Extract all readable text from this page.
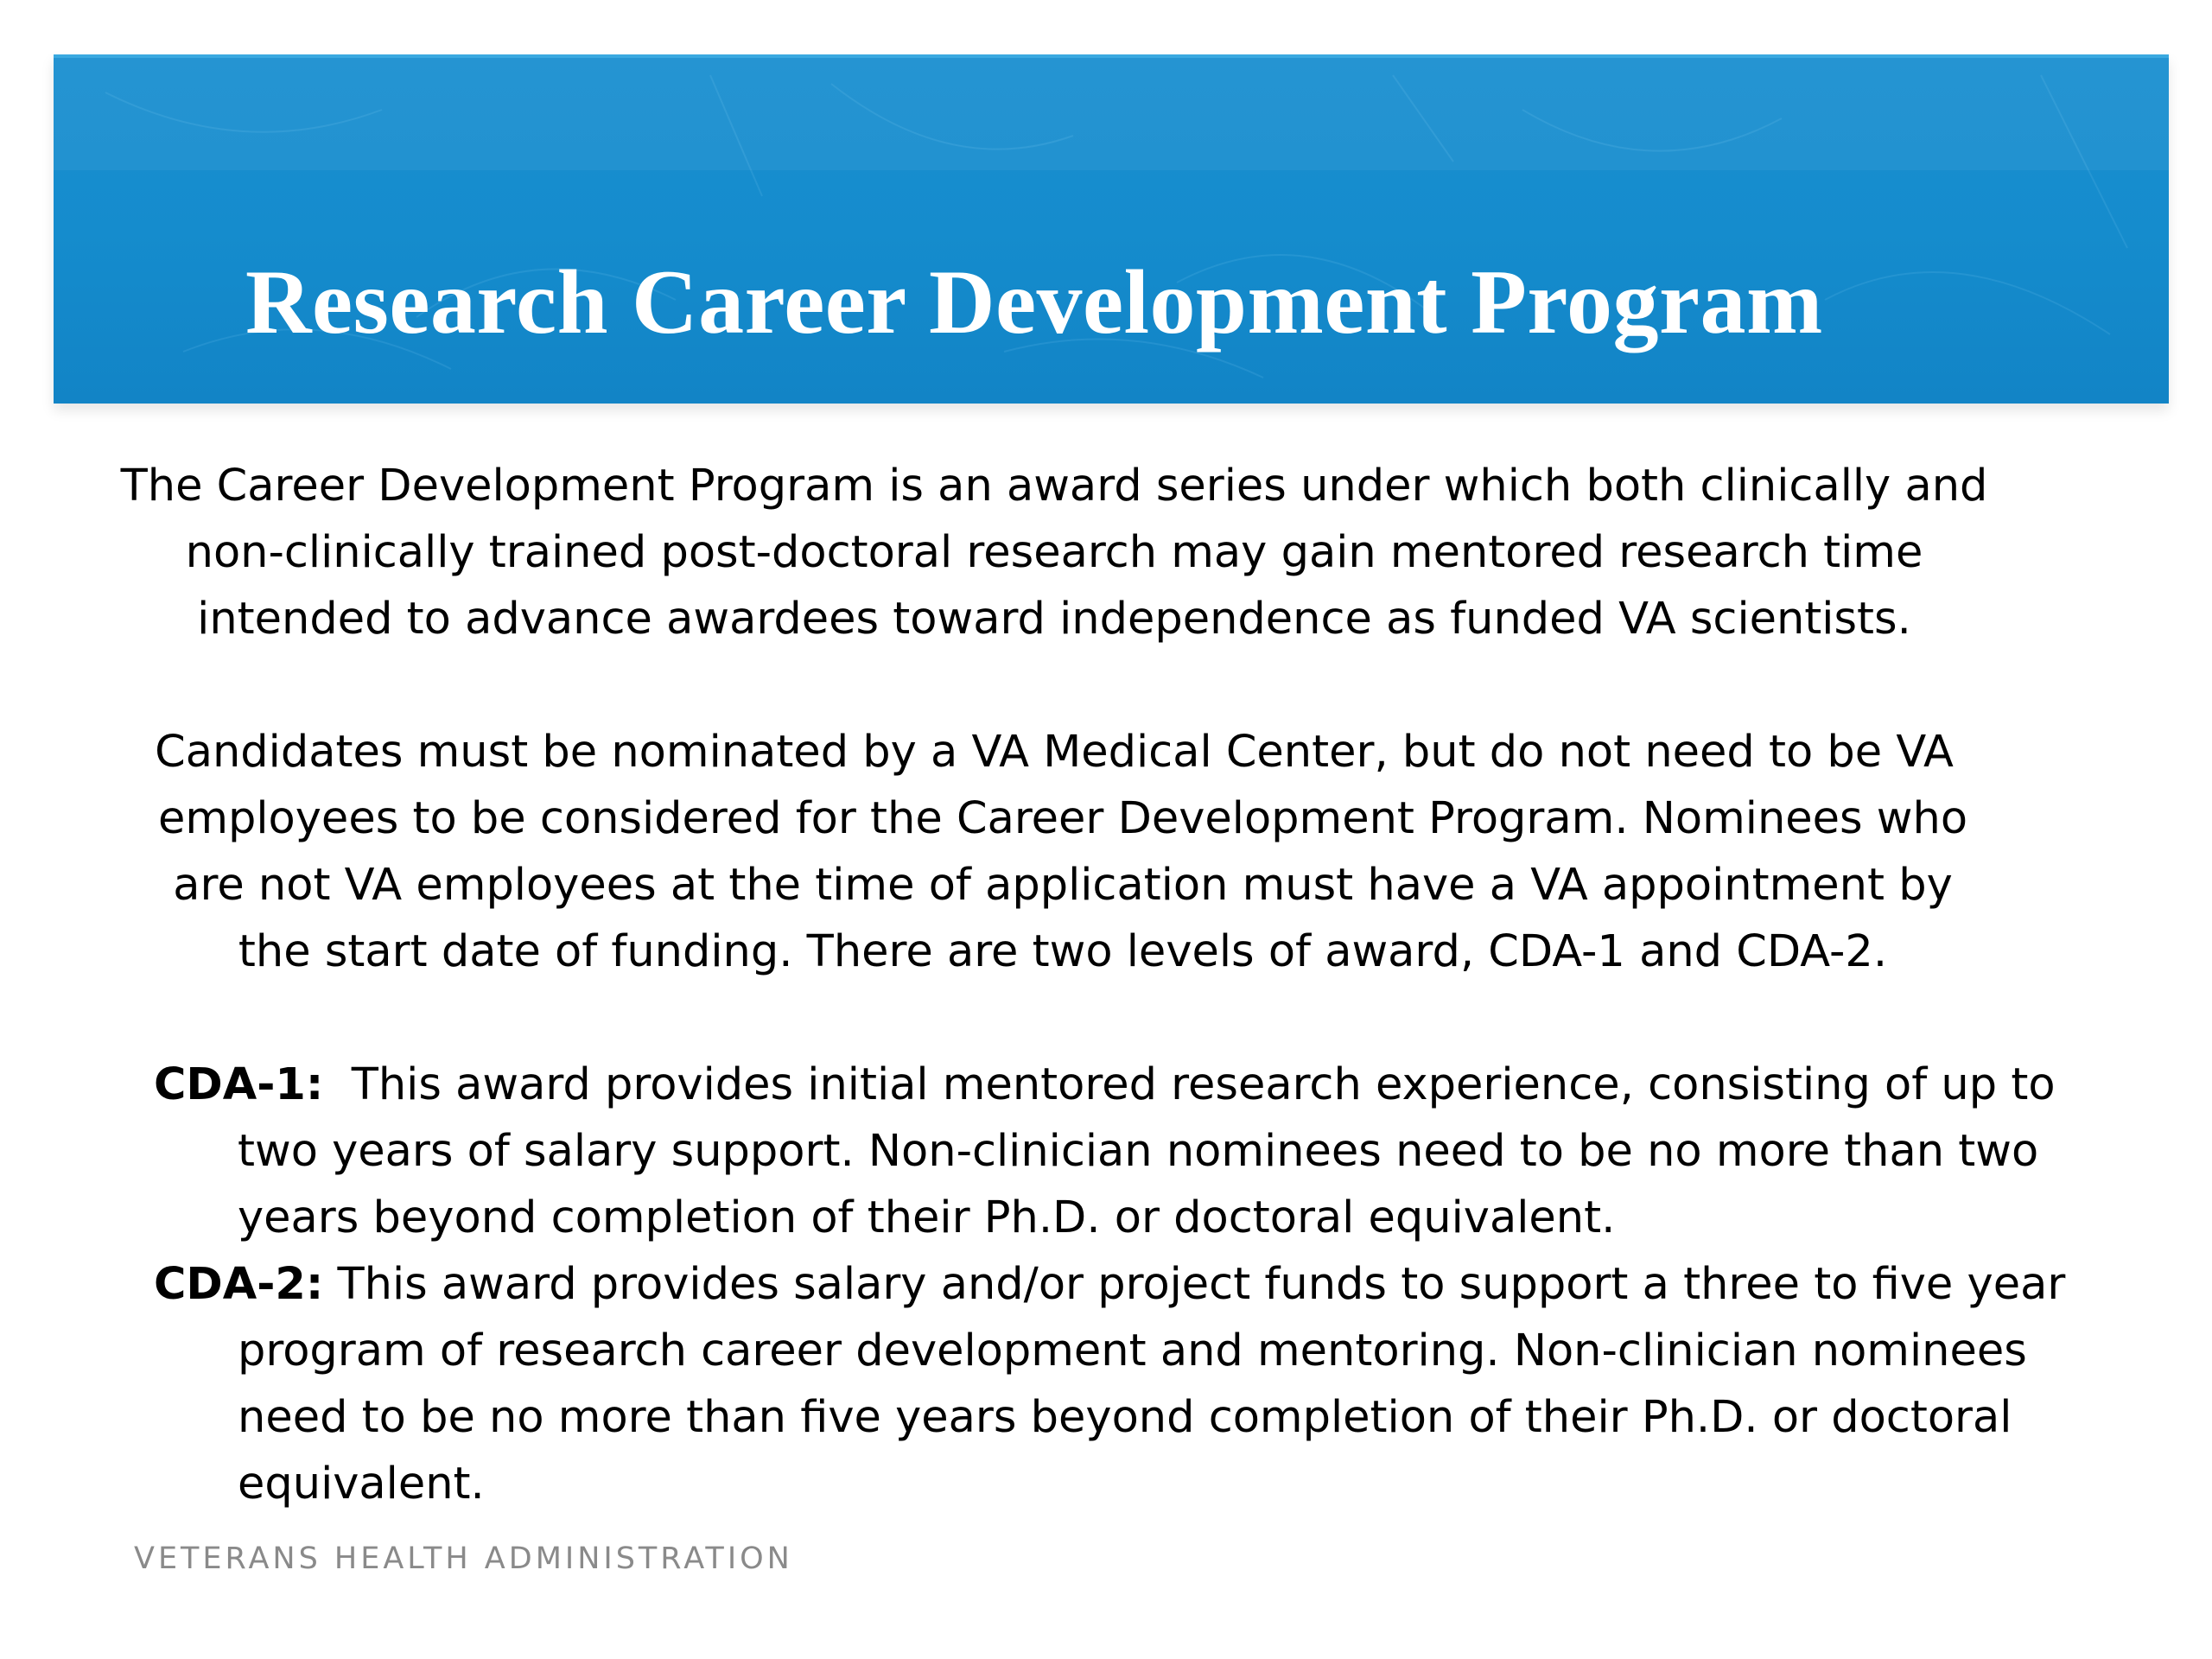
Research Career Development Program

The Career Development Program is an award series under which both clinically and

non-clinically trained post-doctoral research may gain mentored research time

intended to advance awardees toward independence as funded VA scientists.

Candidates must be nominated by a VA Medical Center, but do not need to be VA

employees to be considered for the Career Development Program. Nominees who

are not VA employees at the time of application must have a VA appointment by

the start date of funding. There are two levels of award, CDA-1 and CDA-2.

CDA-1:  This award provides initial mentored research experience, consisting of up to

two years of salary support. Non-clinician nominees need to be no more than two

years beyond completion of their Ph.D. or doctoral equivalent.

CDA-2: This award provides salary and/or project funds to support a three to five year

program of research career development and mentoring. Non-clinician nominees

need to be no more than five years beyond completion of their Ph.D. or doctoral

equivalent.

VETERANS HEALTH ADMINISTRATION
